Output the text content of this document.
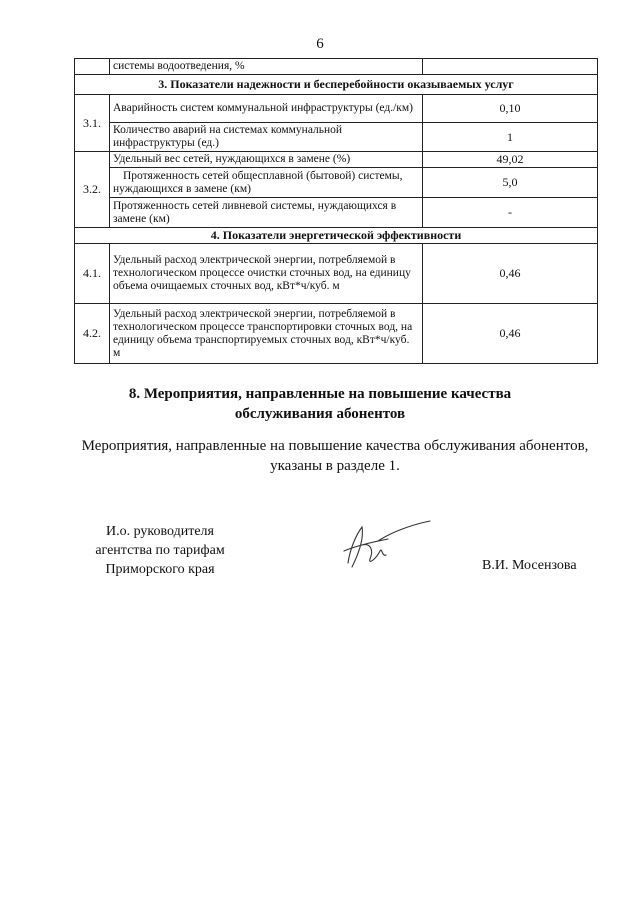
6
	системы водоотведения, %	
3. Показатели надежности и бесперебойности оказываемых услуг		
3.1.	Аварийность систем коммунальной инфраструктуры (ед./км)	0,10
	Количество аварий на системах коммунальной инфраструктуры (ед.)	1
3.2.	Удельный вес сетей, нуждающихся в замене (%)	49,02
	Протяженность сетей общесплавной (бытовой) системы, нуждающихся в замене (км)	5,0
	Протяженность сетей ливневой системы, нуждающихся в замене (км)	-
4. Показатели энергетической эффективности		
4.1.	Удельный расход электрической энергии, потребляемой в технологическом процессе очистки сточных вод, на единицу объема очищаемых сточных вод, кВт*ч/куб. м	0,46
4.2.	Удельный расход электрической энергии, потребляемой в технологическом процессе транспортировки сточных вод, на единицу объема транспортируемых сточных вод, кВт*ч/куб. м	0,46
8. Мероприятия, направленные на повышение качества
обслуживания абонентов
Мероприятия, направленные на повышение качества обслуживания абонентов,
указаны в разделе 1.
И.о. руководителя
агентства по тарифам
Приморского края	В.И. Мосензова
